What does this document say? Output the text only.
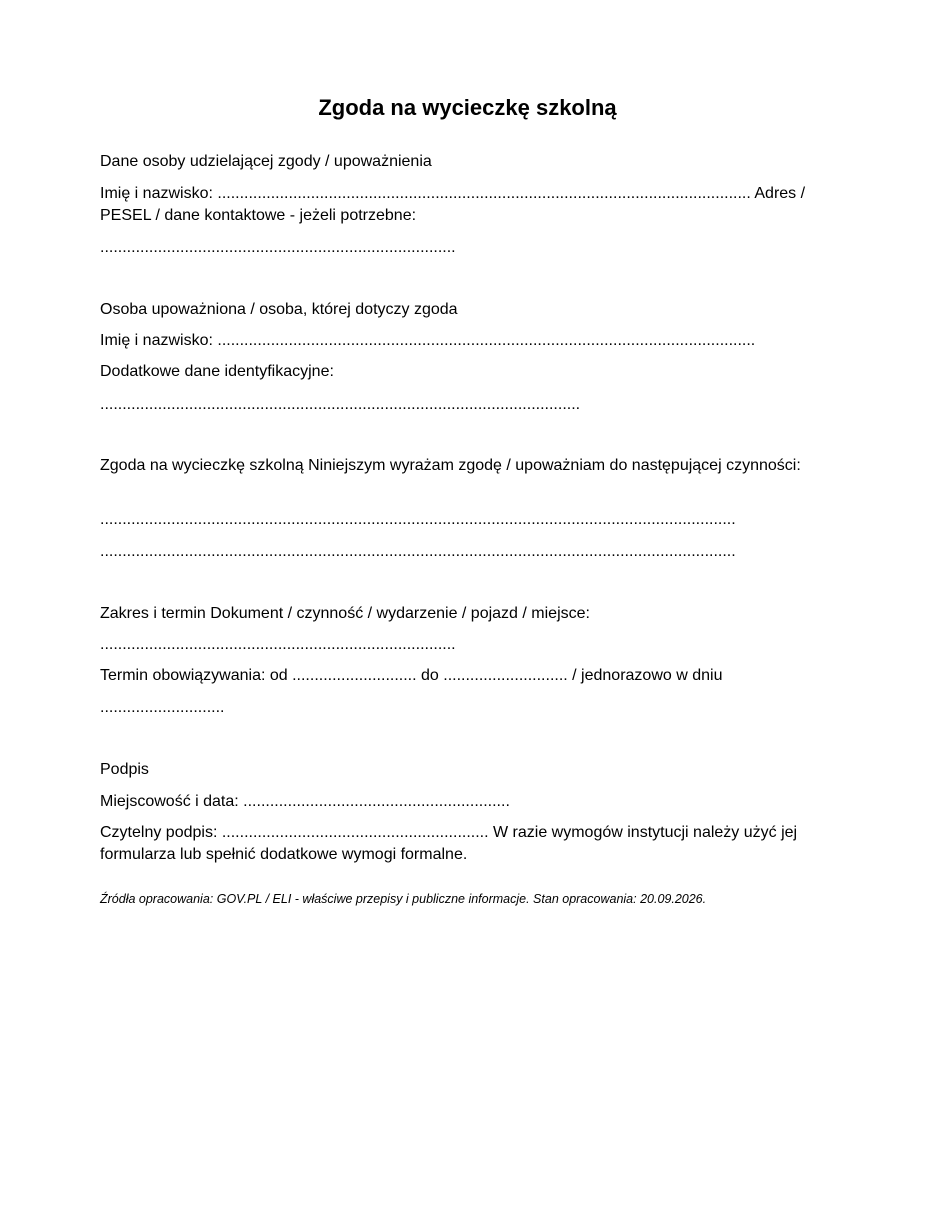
Zgoda na wycieczkę szkolną

Dane osoby udzielającej zgody / upoważnienia

Imię i nazwisko: ........................................................................................................................ Adres / PESEL / dane kontaktowe - jeżeli potrzebne:

................................................................................

Osoba upoważniona / osoba, której dotyczy zgoda

Imię i nazwisko: .........................................................................................................................

Dodatkowe dane identyfikacyjne:

............................................................................................................

Zgoda na wycieczkę szkolną Niniejszym wyrażam zgodę / upoważniam do następującej czynności:

...............................................................................................................................................

...............................................................................................................................................

Zakres i termin Dokument / czynność / wydarzenie / pojazd / miejsce:

................................................................................

Termin obowiązywania: od ............................ do ............................ / jednorazowo w dniu

............................

Podpis

Miejscowość i data: ............................................................

Czytelny podpis: ............................................................ W razie wymogów instytucji należy użyć jej formularza lub spełnić dodatkowe wymogi formalne.

Źródła opracowania: GOV.PL / ELI - właściwe przepisy i publiczne informacje. Stan opracowania: 20.09.2026.
